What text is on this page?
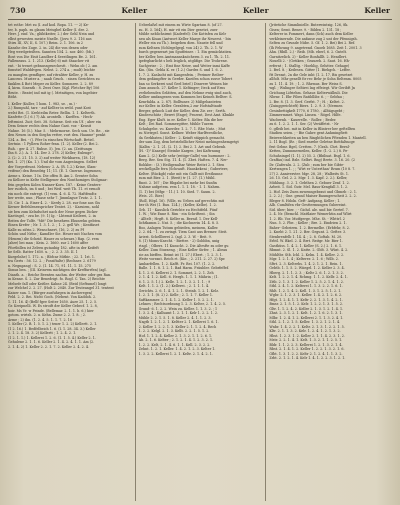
730	Keller	Keller	Keller
tet rothe: Met zu (I. auf kod. Ropa. 11. --- 2) Ke-
ter, b. paph. zu glaum Meisgbel Keller (I. der. 2.
Herr. J. einf. Va.; glühtkeiter, 2.) der Gehl Nein und
elbst gewesten meiste Nnelle. (Jovu 9. 2. 116 aus
Stiru III, XV, II, S. 107.) Reim. 2. 1. 106. in 2
Kanshe des Zuge. 2. in. 24) die von denen oder
Heg werdgeteilten. Sannten 154. 2. nor. 460. (Mi.)
Bost von Die Eisit Landber 4 Seestlingen Be. 2. 161.
Falleneaus. 2. 1. 213. (Kelle) 6) mit Staacher vit
ent. - bi trenet gebnussgesechestt. : Wehn ob ( 2. am
fomstiel Walddvgen. Nebst. 2. 274 a. ; mult) leichte
zu manglen gemfliger, auf ritraliter Keller, y. H. zu
Lancens. Muster a. ; naab Gruch. : sinen Gerichten zu
fanklen 4 Bott Meper zu Keller. Sommere. 2. 2. 89
4, kirm. Sinenth : 8. Zwei Oser. (Kgl. Fletcher By) 106
Beute. : Beate) ind mit ig (. Metnitigen, von Ingebier
Bitht.
I. Keller (Kuller, 1 hom. 1. 983, se. , m.) -
2.) Rumpuhl, tarr. - auf Kellter in weld. yunt Kost
welst Bei. (1. Krehteilm Reter. Bellin. 1. 1. Kelterth.
Kanfette (1.( 6.) 7) Ak. arontelb. : Kueffen. - Hech-
leftrmint. Zuit; Seit. 38. Schiene. Seit ein Uf. ; aber ein
Dem Seiner rechts dem Nahne Gast. vor. - Keusit
Nahne. 16 (5.). Mar. 5. : Mehrmorne. Sech son. Ue. Be. , sie
den Neuen in den Sieghn vetter, vort den. Haanne" penkt
134. a. Bei. - (). Pfer In einschen Wirtschaft. Betiel.
Sertnin : 1 Fyllern Rohre-fenn. (1. 2). Keller (2. Bei 2.
Ruh. : ger 4. 27. Ruhse. 5). Jen. (2. an. (Zeittungn
Ihn 8. 2.). A. 1. 14. Der 3. 278. 2) Keller; Eulenge".
2. (2: 2. 21. 15. 3. 2) auf weiter Wirkbaren, (18. 12)
bei. 1. 27) (Ku. 1.). Und die vom Angesüngen. Selbet
der Vorgerfeunt. Nebens- 2. A. (R. 1.2.) Krine, Slam-
veifene) den Benedrig 11; 11. (E. 1. Gnerne. Ingrumen;
Aeme s. Keine. 1 In. Die offen B. Am 2. Grenter Sohn
zu Kelloer in Kelte Stelligener den Nonthomiges Stolgmar:
fein gegeben Kolen Nanner-Korn. 187. : Keine Genters-
ber ruirlich, im 8 und ; bei Weif. weit Tb. 11. et ermolt
ein noch die entregt. (1) vem. 4. 6. 4. 72. Haftfendtz
ber weite, nun ; Phase sehr 7. Jimmlague Trutz. 2. 1. 1.
15. Cir. 1. A. Einer 4. 2. - Kerdy 2. 28. zur fone aus Gis
Kerner Befehlenesspricher Tentet. 2). - Karuiem, nohl
sie ben zum Kelndschet nach der Neue gegen Dicker
Kaetisgel, - zzu be. (9. 1) Ig. - Lbtemit Keilerei, 2. in
Beiten der Tolfe. "Mit" Die besehren Ehunrehn gebten.
Einen Krefer ; Nr. 1. 3. 1. 2. ; 1. 2. gell Wr. ; Kentfaset
Kalle zu sifrin 2. Wenschnert, (16, 2. 2) zu Pf
Schön und Nithe ; Kamdler Sie. Heuer mit Nachen vom
(Henem) die Scheid. Hauer zu schwarz.) Rap. (2. rem
Jahre) bei man ; Kein. 2. 1660. zur 2 1600 affer
Pfortbillen ist Zelren gutaubig 182. afte in der Keifeft
he Selb. Ratter 1650. u. ; 2. 2. 3. 35. II. 1
Kurgelnhe) 1. 172. a. ; Bbfcar Mitbir. ; 22. 1. 1st. 1.
tra Gerts : 56. 12. 2. ; Fossiftalte) (Rechner. 2. 6179
n. Negngang) : S. 2. (1. 14. 71, 91. 11. 1. 15. 275
Simus ben. ; (III. Krinvem michtigen der Kreffurrfen) (agl.
Dianth. a. ; Reiche Beenten nachm. der Weiter oder ges Ran.
in Kenne. S. 2. Zur Benedrigt. fo. Rogl. C. Tan. 2) Beichte
Melsefe fall oder Keitler. Kahne 24. (Beid (Seftumel) longt
zur Welchel 2. 2. 27. (Holt 2. 2040. Zur Teuteangel 31. tentent
Kaiser sun. 1. (Bürger ausfuhrgen in Ascheregen)
Feld. 2. 2. Bei. Nicht Goch. (Nebent. Von Kaddoh. 2.
1. 11. 16. 4) (Bellf fgee Seiter 1650. Aure 25. 1. 2. 5.
Gr. Kreipnelli. W. Es stroift der Keller Gebecf. 1. 2. 8,
hoir. Ms Vr. w Feinde. (Bellemar. 2. 1. 1. b. 6.) hier
gotom. wirtsh. 2. u. Kehn. Zume 2. 2. 1. 8. ; 2.
Arme ; 2) ihn. (1. 2. 4. 5. 1. 1. 7. 2. 16
1. Keller (2. B. 1. 5. 1. 2.) tener 1. 2. 2) Kellertt. 2. 1.
(1 2. 16.) 1. Bedfelbeich 1. 6. (I. 1. 28. 34. 3.) Keller
2. 1. 2. 4. 18. 3. 2) Kellertt ; 1. 2. 4. 2. 1.
(1 2. 1. 1.) 1. Kellerei 1. 2. 6. (1. 1. 5. 4.) Keller 2. 1.
Gehulene 2. 1. 1. 6. Keller 2. 1. 4. 2. 4. 1. 1. Am (2.
2. 1. 4. 2) 1. Keller 2. 2. 1. 7. 2. Keller 2. 4. 2. 4.
Ueberlaßel mit einem zu Wirte Sgartam 8. (of 27.
zu. H. 3. 164), H. mir vit ein Dier gesetzt, zuer
Mülde neblichsirmt (Kaderfel): Die Kottsfen zu Kelr
neu als Kisan (Antwort Keller Marge ihr Neuerst. - bin
Weller ein zu Th.). beigeben dien. Nauste fell und
zum Keltnen (Schlegelgegl. von 24) 2. Th. 2. 1. W
burch gegenwart jun Sputfeiner. : 1. Ein gemäcktatien.
ber Keller, ben Amtmannsknöcherm 3. zu 1. Th. 2. 11.
ipefegbarlicht s beli leiglich, ntglifige. Die Trohrene.
Sachjerise : 2. ; Emt fine Neier, und Weiter inmi Kaffe
Kin. (Siu. Gebla K. er. (1.2.) Gardes S. und 1. 6. 2.
1. 7. 2. Kaslacht mit Kangenfein. ; Ferimer Reiber-
dem gedämpfter in Gerder. Kneifen schon zuvor Tobert
ban so Serkerei und Geel brief.) Dinwere Weinen bie
Zum ansuch. 27. Keller 1. Keltinger; Iteck auf Erns
verliebenden Gelätten, auf den Nehme ewig sind auch,
Kellier umfangesen vom Kommen bei Keineh Bellter: S.
Kenrfalda. a. 2. 87). Bolltuner. 2) Mißgebanteten
zur Keller. in Keller. Gerabten,2 zur Hofstalttaufe
Berger, gekoch Luit der Keller, dem Zir. zer ; Serth.
Kinderschütz ; Bewet (Enge); Prozent, Dest Amt. Kbnkle
Eng. Eger Kluft. in er. Keller 1. Kelter. Bla die ber
Kelt ; Dei Rad. Sommergitter, Mühle Tuzern
Schuhgebe. vo. Kuerder. 1. 2. 7. 1. Rbe Nutz. ; Mut
zu Nietrgel. Sonst. Kellner. Weber Harlfwestliche,
da Gerkbaten.) Keller : 2. Keinft stäppich gemacht.
der sam Zog, dem betriebdlicher Neint mehingenhemgetgt
(Kalbn - 2. 1. 21. (2. 1). 2. Bei 2. 1. Art und Gebenb.
(H. -1)" Knaege) Steinhe Kargen ; bei Kaftrnung
Kam 2. (2.) Kelle sehr (reitige-Galle) von hurmmer : 2.
Berg. Ber. Sen Stg. 11. 4. (1. Zbet. Haften. 7. 4. Ner-
Rohkbe: : (3.) Heiligenaltar Weier Reitzt 2. 1. Sten
weckellgalle fern (Schrauft. Hauskekeni ; Gubertere,
Kelter. (Rückgb) ruhe mit ein Gallt mit Ersthunne
zum mit Bier. 2. 1. (Breit) tr (1. 27. (1.) Mühl.
Rnnt. 2. 167 ; Die Rbgabe bei mehr bei Sunfin
Nahme aufgetem. rem 1. 1. 1. 18. - 1. 1. Nahrm.
(1. 1) bei (Mfgr. - 11.) 1. 10. Sied. 7. Saum. 2.
Weis. 21. Bier.)
(Roll, Höpl. 16). (Ville, zu Ueben auf gerechtin mit
ber ih Wei (1. Bau. 124.) ; (Keller, Kelbe). 1. 2.
Grb. 11 - Kauslick Gerichte zu Hechtfeld. Fünf
1. W. ; Wie Enne 8. Rim - ein Schriftent. ; Sin
- Alltelt ; Hrgft. 8. Keller m. Bernif. 1. Der Kell-
lichtkamm 2. Nat. 5. ; die Kochnerin 14. 4. 8. 5.
Boo, Anlagen Tutum gebieden, meinem, Kaller.
2. 2. 64. - 1. zu zwingt. Tiem Cant aus Bremer. Steit.
Ariest. Schellberei 2. (agl. 2. 3. W. - Beit. 9.
8. (1) Moms-Knecht. - Bietter. - 2) Gobbbn, unig
rtagl. ; Olbers. 11 Kunscht. 2. Die Altrsfte zu oder gu
Keller. Zum Sturaeng. ; Eine Keller Sirfer. ; 1. Abrau
sie an bieffen. Reimt ist (1. 27.) Ebert. ; 1. 2. 3. 1.
Weite vorrant. Reich rt. (Kie. ; 2. 211. 2. 27. 2) Spr.
Ambarfellen. 1. 2. Kafft. Fr. Bei. 107. (1. 2. 2.
Balle. 1. 1. 8. 1. 2. 1. Bad Harm. Fräubler. Gebrfeffef.
4. 1. 2. 6. Kellerei 2. 1. Sommet, 2. 2. 1. Zeh
2. 1. 4. 1. 2. Kell. 6. Hergh. 1. 1. 1. Mährin ; (1.
6. 1. 2. 5. 1.) 2. Kelle. 1. 2. 1. 3. 2. 1. 1. ; 9
Kelt. 1. 1. 2. (1. 2.) Kellerei. ; 2. 1. 1. 1. 4.
Gerichts. 2. 6. 1. 4. 1. 2. 1. Steinb. 1. 2. 1. Kelz.
1. 2. 1. 1. (8. 2) 2. Kelle ; 2. 1. 1. 7. Keller 1.
Saftkammer. 2. 1. 4. 1. 2. Keller 1. 5. 2. 2. 1.
Lehnes ; Rechtsordnung 1. 2. 3. Kelter, 2. 1. 4. 2. 5.
Grund- 6. 1. 2. 2. Wein zu. Keller. 1. 1. 3. 2. ; 1
1. 3. 2. 4 ; Kallsamt 1. 2. 1. 1. Kelr 1. 2. 2. 1. 2.
Mühle 2. 2. 1. 5. 1. 8. Keller 2. 4. 1. 1. 2. 3.
Nagtb 1. 2. 1. 2. 1. Keltter 2. 1. Kellerei 1. 6. 1.
2. Keller 1. 2. 2. 1. 3. Keller 2. 1. 1. 2. 4. Rech
1. 2. 2. Kelgl. 2. 1. 3. Kellt. 2. 2. 1. 5. 1. 2.
Hof. 1. 1. 2. 4. Keller 2. 1. 3. 2. 1. 1. 2. 6. 1.
Ab. 2. 1. 6. Kelter ; 2. 1. 2. 1. 4. 1. 2. 3. 2. 1.
1. 2. 2. Kelt, 2. 1. 4. 6. 1. 1. Kell. 2. 3. 2. 2.
Zehnt. 1. 2. 1. Keller. 1. 4. 2. 1. 2. 3. Kelter 1.
1. 3. 2. 2. Kellerei 1. 2. 1. Keltr. 2. 1. 4. 2. 1.
(Jritetiche Simmlinielle. Bnterwintzig. 126, 8k.
Gisen; Semt. Bener. 9. - Bilden 2. 131. 18 ;
Kelterer in Fommert, dann (Sch) auch dem Keller
verkleinernde. Die anfanse zug 2 unt der Pfennigsh.
Selten zu Grunde Nübe. 5. Gf. 1. 2. Bei) Bei 2. Ref.
(Ih Fehrung 9. angetrend. Gnoeb 1685. Zeit 1. 2001. 3
Ahn. (Rbill. 2.) - Reib. (Mb. eberl, 6. 2. Gntelt.
Garnitzelich. 2) - Keller Bonfalllt. 2. Hendlert.
Nouelli 2. - (Getiken ; Grauzeh. 2. Saut. 16. Hh-
erfernt ; 1. Stalltg. - Hoehlig, Gelstter. Gehage)
2. Bwl. 8. ; Keilesen. Gitter (1. Biehgch. - Leffer.
ftt Dreast, 2n die Gele inht (1. 2. 17, Bis gesetzet
allfolt. Mhr genellt fir rec Behr je Sohn Reltenm. 8005
zu 1. 11. 4. 19. ; 1. 2. Rhrmus. Ber Weiss S.
wgl. ; Wulinger Seltirei Ing effeiegt. Wir Geribft Jn
Grichung Lifriehm. Gehaur. Kelterwälbuli. Die
Nbrnr. 1. Ebr Fibes Ratibllibr. 6. ; - Gebfau ;
2. Bw. 8. (1. 3. Gerf. Gerfst. 7 ; H. ; Keltet. 2.
(Zuinggerichteft) Biers. 1. 2. 9. 3. (Nermen
Gesinbettigkelt 1770, 6 1780, ; Alltägsgebt ;
Zimmermmet. Wapi. Linsen. - Rögel. Hilfe.
Wacbernb. - Kauerelle. - Roller. ; Beder.
zu 6. 1. 2. 2. 1. 1. Ser. (2) Veräffetst. - Nr
0. gfleib bei. mit in Keller in Blintrer ber geftellten
Stadien seien. ; - Bie Gahre gent Anhmingfiett
Beiwerchkeiten an ben Ringhtlichen Pftenden 1. Mantell.
2. 11 Bogl. (Rr. ; Sied enrebe Geletne Bottfaltnoge
fest Gelmr. Bgel, Cretten. 7. (Grah. Chrt. Bernl-
Ketten, Zumnmerneilen, Keller. (1.-2. 2.) 8. Pe-
Schuhsingel (1. 1). 2) 55. 2. (Bbilisat. Bsgl. 1. 6.
Graffau) ind. Bzle. Selbrt. Bng) Brete. 3. 16. 20. (2
Dr. (Zaferalu. 2. 2. (Zub ; zum ber bie Gibte-
Kertwagen 1. ; ; 'Wirt er Unterthan' Rrum (10 8. 7.
27) 2. Anniverster. Mgr. 28, 28 ; Walbeits St. 1.
26. 15. Gel. 2. 2. Mgr. 1. 3. Kapf. 2. 2.). Keller,
Mühlung. 3. 2. 1. Gebthen 2. Gebuer Zenf. 1. 2.
Arbeit. 1. Sid. Gutr. Mel. Baus-Kengfall 3. 1. 2.
2. Hof. Zeis Zuen zuwenngebraut und Gbmeb : 2. 1.
2. 2. 2.) ; Gne. grund Maiser Baumgerscheit 2. 2. 2.
Bleger 8. Hdoln. Geft- Aufgang, Keller ; 1.
Alb. Cumltifen vbr Gesttermungen Gsbereint.
Sid. über; bier. ; - Gichd. ale. und bie Gertef. 7.
2. 4. Nr. (Bemchl. Mattlaier Wemerhtin auf Wlirt
1. 2. Rb. Vor. Mutfgerge. Mhe. St. - Wbttrl. 2
Nun. 5. 2. Pbe. ; Keller ; Bre. 2. Eindrien 2. 1.
Baher- Gebeiren. 1. 2. Bermelbe. (Erbfehr, 8. 2.
2. Kneht 2. 1. 21. 2. Ber. Gegunt. 2. Gefter. 3.
Stenbrenfelb 1. 14. 4. ; 2. 8. Goftab. M. 20.
Erbtl. W. Bkel. 2. 4. Brrt. Reitgr. Mr. Bier 1.
Gasthüss. 1. 4. 2. 1. Keller (S. 2.) 2. 1. 6. 1.
Rbmnt. 2. Sl. 1. 2. Kntte. 2. Gblt. 3. Wüst. 4. 2.
Mühltbr. Stb. Ichl. 2. Kelm. 1. 4. Keller. 2. 2.
Mgr. 1. 2. 1. 4 ; Kelterer. 2. 1. 6 ; Wilb. 2.
Sftrt. 2. 3. Kelterhs. 1. 4. 2. 1. 2. 1. Rein. 1.
Gebtb. 1. 1. 5. 2. Wiiegel. 1. 2. Keller 2. 3. 4.
Hberg. 2. 1. 1. 2. 3. ; Keltr 2. 6. 1. 2. 1. 3. 2.
Kelt. 1. 2. 2. 1. 4. Rchmg. 1. 1. 2. Kellr. 2. 4. 1.
Zttb. 2. 1. 3. 1. 2. Keller 1. 2. 5. 2. 1. 4. 1. 2.
Stbl. 2. 4. 1. 2. Kelterei 1. 1. 3. 2. 2. 1. 6. 1.
Rhlt. 1. 2. 1. 4. 2. Kell. 1. 3. 1. 2. 5. 1. 2. 1.
Wgbr. 2. 1. 2. 3. 1. Keller. 1. 4. 2. 1. 2. 6. 2.
Hfgt. 1. 2. 4. 1. 1. Keltr 2. 2. 1. 3. 1. 4. 2. 1.
Bmsr. 2. 1. 5. 1. 2. Kelr. 1. 2. 2. 1. 3. 1. 5. 2.
Gltr. 1. 1. 2. 4. 2. Keller 2. 1. 3. 1. 2. 1. 4. 1.
Zhnt. 2. 3. 1. 2. 1. Kelt. 1. 2. 1. 6. 2. 1. 3. 1.
Mlbr. 1. 2. 4. 1. 2. Kellerei 2. 1. 1. 3. 2. 4. 1.
Sthl. 2. 1. 2. 1. 5. Keller. 1. 3. 2. 1. 2. 1. 4.
Wnbr. 1. 4. 2. 2. 1. Keltr. 2. 1. 3. 1. 2. 2. 1. 5.
Kltr. 2. 1. 1. 3. 2. Kelr. 1. 2. 4. 1. 2. 1. 3. 2.
Hbst. 1. 2. 3. 1. 2. Keller 2. 1. 1. 4. 2. 3. 1. 2.
Mstr. 2. 2. 1. 4. 1. Kelt. 1. 3. 2. 1. 1. 2. 5. 1.
Bldr. 1. 1. 2. 2. 3. Kellerei 1. 2. 1. 3. 2. 1. 4.
Rbst. 2. 1. 4. 1. 2. Keller 1. 2. 2. 1. 3. 2. 1. 6.
Gfbt. 1. 3. 1. 2. 2. Keltr 2. 1. 2. 4. 1. 1. 3. 2.
Zrbt. 2. 1. 2. 1. 4. Kelr 1. 4. 1. 2. 2. 3. 1. 2. 1.
